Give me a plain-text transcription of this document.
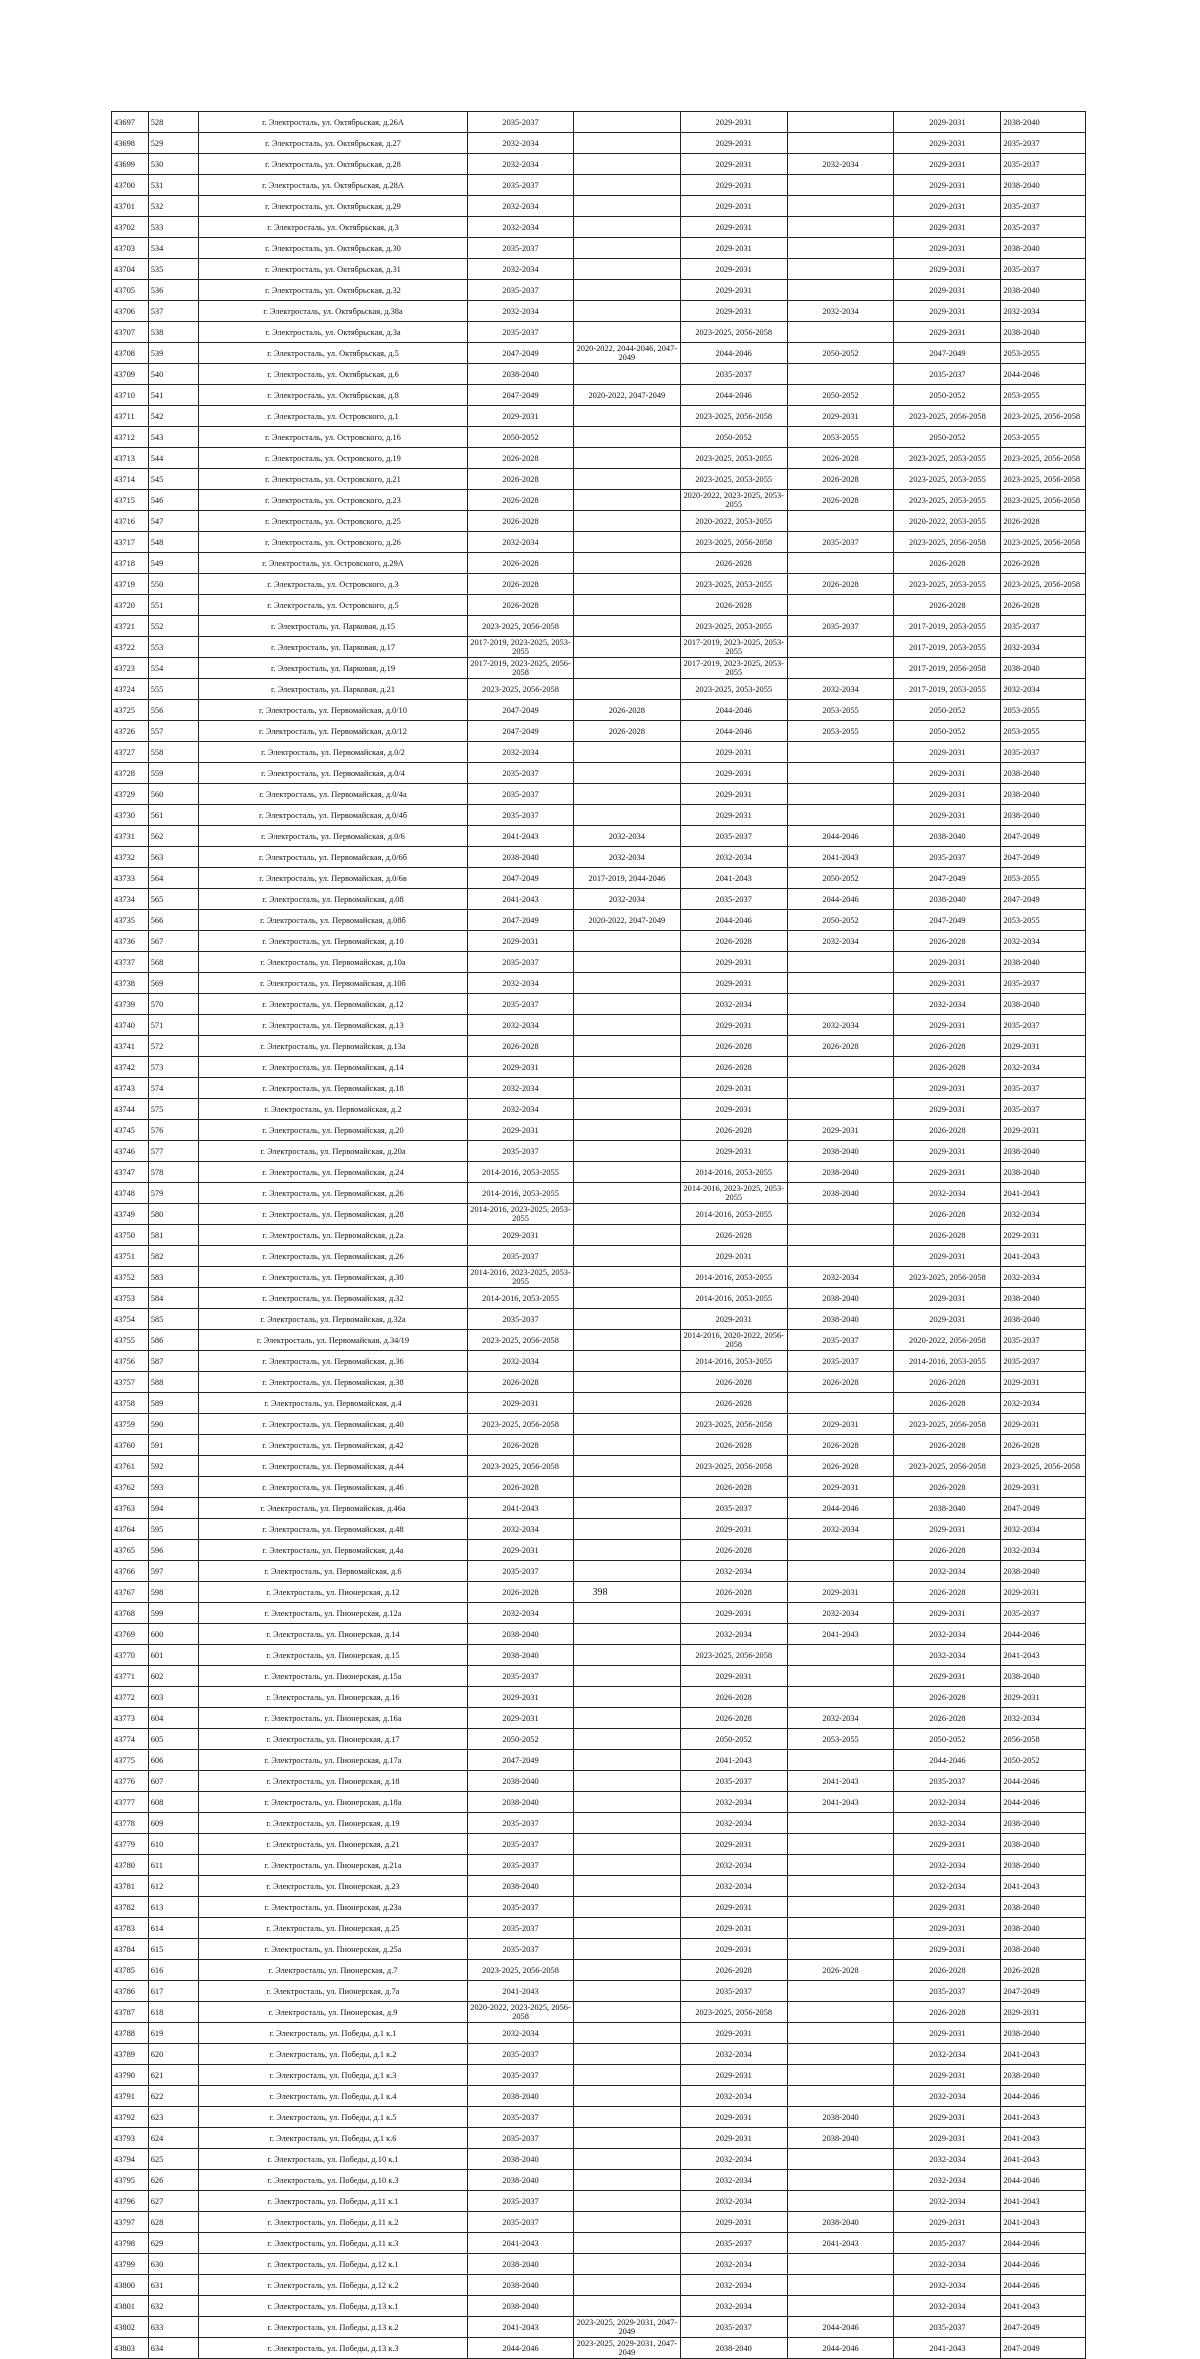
43697	528	г. Электросталь, ул. Октябрьская, д.26А	2035-2037		2029-2031		2029-2031	2038-2040
43698	529	г. Электросталь, ул. Октябрьская, д.27	2032-2034		2029-2031		2029-2031	2035-2037
43699	530	г. Электросталь, ул. Октябрьская, д.28	2032-2034		2029-2031	2032-2034	2029-2031	2035-2037
43700	531	г. Электросталь, ул. Октябрьская, д.28А	2035-2037		2029-2031		2029-2031	2038-2040
43701	532	г. Электросталь, ул. Октябрьская, д.29	2032-2034		2029-2031		2029-2031	2035-2037
43702	533	г. Электросталь, ул. Октябрьская, д.3	2032-2034		2029-2031		2029-2031	2035-2037
43703	534	г. Электросталь, ул. Октябрьская, д.30	2035-2037		2029-2031		2029-2031	2038-2040
43704	535	г. Электросталь, ул. Октябрьская, д.31	2032-2034		2029-2031		2029-2031	2035-2037
43705	536	г. Электросталь, ул. Октябрьская, д.32	2035-2037		2029-2031		2029-2031	2038-2040
43706	537	г. Электросталь, ул. Октябрьская, д.38а	2032-2034		2029-2031	2032-2034	2029-2031	2032-2034
43707	538	г. Электросталь, ул. Октябрьская, д.3а	2035-2037		2023-2025, 2056-2058		2029-2031	2038-2040
43708	539	г. Электросталь, ул. Октябрьская, д.5	2047-2049	2020-2022, 2044-2046, 2047-2049	2044-2046	2050-2052	2047-2049	2053-2055
43709	540	г. Электросталь, ул. Октябрьская, д.6	2038-2040		2035-2037		2035-2037	2044-2046
43710	541	г. Электросталь, ул. Октябрьская, д.8	2047-2049	2020-2022, 2047-2049	2044-2046	2050-2052	2050-2052	2053-2055
43711	542	г. Электросталь, ул. Островского, д.1	2029-2031		2023-2025, 2056-2058	2029-2031	2023-2025, 2056-2058	2023-2025, 2056-2058
43712	543	г. Электросталь, ул. Островского, д.16	2050-2052		2050-2052	2053-2055	2050-2052	2053-2055
43713	544	г. Электросталь, ул. Островского, д.19	2026-2028		2023-2025, 2053-2055	2026-2028	2023-2025, 2053-2055	2023-2025, 2056-2058
43714	545	г. Электросталь, ул. Островского, д.21	2026-2028		2023-2025, 2053-2055	2026-2028	2023-2025, 2053-2055	2023-2025, 2056-2058
43715	546	г. Электросталь, ул. Островского, д.23	2026-2028		2020-2022, 2023-2025, 2053-2055	2026-2028	2023-2025, 2053-2055	2023-2025, 2056-2058
43716	547	г. Электросталь, ул. Островского, д.25	2026-2028		2020-2022, 2053-2055		2020-2022, 2053-2055	2026-2028
43717	548	г. Электросталь, ул. Островского, д.26	2032-2034		2023-2025, 2056-2058	2035-2037	2023-2025, 2056-2058	2023-2025, 2056-2058
43718	549	г. Электросталь, ул. Островского, д.29А	2026-2028		2026-2028		2026-2028	2026-2028
43719	550	г. Электросталь, ул. Островского, д.3	2026-2028		2023-2025, 2053-2055	2026-2028	2023-2025, 2053-2055	2023-2025, 2056-2058
43720	551	г. Электросталь, ул. Островского, д.5	2026-2028		2026-2028		2026-2028	2026-2028
43721	552	г. Электросталь, ул. Парковая, д.15	2023-2025, 2056-2058		2023-2025, 2053-2055	2035-2037	2017-2019, 2053-2055	2035-2037
43722	553	г. Электросталь, ул. Парковая, д.17	2017-2019, 2023-2025, 2053-2055		2017-2019, 2023-2025, 2053-2055		2017-2019, 2053-2055	2032-2034
43723	554	г. Электросталь, ул. Парковая, д.19	2017-2019, 2023-2025, 2056-2058		2017-2019, 2023-2025, 2053-2055		2017-2019, 2056-2058	2038-2040
43724	555	г. Электросталь, ул. Парковая, д.21	2023-2025, 2056-2058		2023-2025, 2053-2055	2032-2034	2017-2019, 2053-2055	2032-2034
43725	556	г. Электросталь, ул. Первомайская, д.0/10	2047-2049	2026-2028	2044-2046	2053-2055	2050-2052	2053-2055
43726	557	г. Электросталь, ул. Первомайская, д.0/12	2047-2049	2026-2028	2044-2046	2053-2055	2050-2052	2053-2055
43727	558	г. Электросталь, ул. Первомайская, д.0/2	2032-2034		2029-2031		2029-2031	2035-2037
43728	559	г. Электросталь, ул. Первомайская, д.0/4	2035-2037		2029-2031		2029-2031	2038-2040
43729	560	г. Электросталь, ул. Первомайская, д.0/4а	2035-2037		2029-2031		2029-2031	2038-2040
43730	561	г. Электросталь, ул. Первомайская, д.0/4б	2035-2037		2029-2031		2029-2031	2038-2040
43731	562	г. Электросталь, ул. Первомайская, д.0/6	2041-2043	2032-2034	2035-2037	2044-2046	2038-2040	2047-2049
43732	563	г. Электросталь, ул. Первомайская, д.0/6б	2038-2040	2032-2034	2032-2034	2041-2043	2035-2037	2047-2049
43733	564	г. Электросталь, ул. Первомайская, д.0/6в	2047-2049	2017-2019, 2044-2046	2041-2043	2050-2052	2047-2049	2053-2055
43734	565	г. Электросталь, ул. Первомайская, д.08	2041-2043	2032-2034	2035-2037	2044-2046	2038-2040	2047-2049
43735	566	г. Электросталь, ул. Первомайская, д.08б	2047-2049	2020-2022, 2047-2049	2044-2046	2050-2052	2047-2049	2053-2055
43736	567	г. Электросталь, ул. Первомайская, д.10	2029-2031		2026-2028	2032-2034	2026-2028	2032-2034
43737	568	г. Электросталь, ул. Первомайская, д.10а	2035-2037		2029-2031		2029-2031	2038-2040
43738	569	г. Электросталь, ул. Первомайская, д.10б	2032-2034		2029-2031		2029-2031	2035-2037
43739	570	г. Электросталь, ул. Первомайская, д.12	2035-2037		2032-2034		2032-2034	2038-2040
43740	571	г. Электросталь, ул. Первомайская, д.13	2032-2034		2029-2031	2032-2034	2029-2031	2035-2037
43741	572	г. Электросталь, ул. Первомайская, д.13а	2026-2028		2026-2028	2026-2028	2026-2028	2029-2031
43742	573	г. Электросталь, ул. Первомайская, д.14	2029-2031		2026-2028		2026-2028	2032-2034
43743	574	г. Электросталь, ул. Первомайская, д.18	2032-2034		2029-2031		2029-2031	2035-2037
43744	575	г. Электросталь, ул. Первомайская, д.2	2032-2034		2029-2031		2029-2031	2035-2037
43745	576	г. Электросталь, ул. Первомайская, д.20	2029-2031		2026-2028	2029-2031	2026-2028	2029-2031
43746	577	г. Электросталь, ул. Первомайская, д.20а	2035-2037		2029-2031	2038-2040	2029-2031	2038-2040
43747	578	г. Электросталь, ул. Первомайская, д.24	2014-2016, 2053-2055		2014-2016, 2053-2055	2038-2040	2029-2031	2038-2040
43748	579	г. Электросталь, ул. Первомайская, д.26	2014-2016, 2053-2055		2014-2016, 2023-2025, 2053-2055	2038-2040	2032-2034	2041-2043
43749	580	г. Электросталь, ул. Первомайская, д.28	2014-2016, 2023-2025, 2053-2055		2014-2016, 2053-2055		2026-2028	2032-2034
43750	581	г. Электросталь, ул. Первомайская, д.2а	2029-2031		2026-2028		2026-2028	2029-2031
43751	582	г. Электросталь, ул. Первомайская, д.26	2035-2037		2029-2031		2029-2031	2041-2043
43752	583	г. Электросталь, ул. Первомайская, д.30	2014-2016, 2023-2025, 2053-2055		2014-2016, 2053-2055	2032-2034	2023-2025, 2056-2058	2032-2034
43753	584	г. Электросталь, ул. Первомайская, д.32	2014-2016, 2053-2055		2014-2016, 2053-2055	2038-2040	2029-2031	2038-2040
43754	585	г. Электросталь, ул. Первомайская, д.32а	2035-2037		2029-2031	2038-2040	2029-2031	2038-2040
43755	586	г. Электросталь, ул. Первомайская, д.34/19	2023-2025, 2056-2058		2014-2016, 2020-2022, 2056-2058	2035-2037	2020-2022, 2056-2058	2035-2037
43756	587	г. Электросталь, ул. Первомайская, д.36	2032-2034		2014-2016, 2053-2055	2035-2037	2014-2016, 2053-2055	2035-2037
43757	588	г. Электросталь, ул. Первомайская, д.38	2026-2028		2026-2028	2026-2028	2026-2028	2029-2031
43758	589	г. Электросталь, ул. Первомайская, д.4	2029-2031		2026-2028		2026-2028	2032-2034
43759	590	г. Электросталь, ул. Первомайская, д.40	2023-2025, 2056-2058		2023-2025, 2056-2058	2029-2031	2023-2025, 2056-2058	2029-2031
43760	591	г. Электросталь, ул. Первомайская, д.42	2026-2028		2026-2028	2026-2028	2026-2028	2026-2028
43761	592	г. Электросталь, ул. Первомайская, д.44	2023-2025, 2056-2058		2023-2025, 2056-2058	2026-2028	2023-2025, 2056-2058	2023-2025, 2056-2058
43762	593	г. Электросталь, ул. Первомайская, д.46	2026-2028		2026-2028	2029-2031	2026-2028	2029-2031
43763	594	г. Электросталь, ул. Первомайская, д.46а	2041-2043		2035-2037	2044-2046	2038-2040	2047-2049
43764	595	г. Электросталь, ул. Первомайская, д.48	2032-2034		2029-2031	2032-2034	2029-2031	2032-2034
43765	596	г. Электросталь, ул. Первомайская, д.4а	2029-2031		2026-2028		2026-2028	2032-2034
43766	597	г. Электросталь, ул. Первомайская, д.6	2035-2037		2032-2034		2032-2034	2038-2040
43767	598	г. Электросталь, ул. Пионерская, д.12	2026-2028		2026-2028	2029-2031	2026-2028	2029-2031
43768	599	г. Электросталь, ул. Пионерская, д.12а	2032-2034		2029-2031	2032-2034	2029-2031	2035-2037
43769	600	г. Электросталь, ул. Пионерская, д.14	2038-2040		2032-2034	2041-2043	2032-2034	2044-2046
43770	601	г. Электросталь, ул. Пионерская, д.15	2038-2040		2023-2025, 2056-2058		2032-2034	2041-2043
43771	602	г. Электросталь, ул. Пионерская, д.15а	2035-2037		2029-2031		2029-2031	2038-2040
43772	603	г. Электросталь, ул. Пионерская, д.16	2029-2031		2026-2028		2026-2028	2029-2031
43773	604	г. Электросталь, ул. Пионерская, д.16а	2029-2031		2026-2028	2032-2034	2026-2028	2032-2034
43774	605	г. Электросталь, ул. Пионерская, д.17	2050-2052		2050-2052	2053-2055	2050-2052	2056-2058
43775	606	г. Электросталь, ул. Пионерская, д.17а	2047-2049		2041-2043		2044-2046	2050-2052
43776	607	г. Электросталь, ул. Пионерская, д.18	2038-2040		2035-2037	2041-2043	2035-2037	2044-2046
43777	608	г. Электросталь, ул. Пионерская, д.18а	2038-2040		2032-2034	2041-2043	2032-2034	2044-2046
43778	609	г. Электросталь, ул. Пионерская, д.19	2035-2037		2032-2034		2032-2034	2038-2040
43779	610	г. Электросталь, ул. Пионерская, д.21	2035-2037		2029-2031		2029-2031	2038-2040
43780	611	г. Электросталь, ул. Пионерская, д.21а	2035-2037		2032-2034		2032-2034	2038-2040
43781	612	г. Электросталь, ул. Пионерская, д.23	2038-2040		2032-2034		2032-2034	2041-2043
43782	613	г. Электросталь, ул. Пионерская, д.23а	2035-2037		2029-2031		2029-2031	2038-2040
43783	614	г. Электросталь, ул. Пионерская, д.25	2035-2037		2029-2031		2029-2031	2038-2040
43784	615	г. Электросталь, ул. Пионерская, д.25а	2035-2037		2029-2031		2029-2031	2038-2040
43785	616	г. Электросталь, ул. Пионерская, д.7	2023-2025, 2056-2058		2026-2028	2026-2028	2026-2028	2026-2028
43786	617	г. Электросталь, ул. Пионерская, д.7а	2041-2043		2035-2037		2035-2037	2047-2049
43787	618	г. Электросталь, ул. Пионерская, д.9	2020-2022, 2023-2025, 2056-2058		2023-2025, 2056-2058		2026-2028	2029-2031
43788	619	г. Электросталь, ул. Победы, д.1 к.1	2032-2034		2029-2031		2029-2031	2038-2040
43789	620	г. Электросталь, ул. Победы, д.1 к.2	2035-2037		2032-2034		2032-2034	2041-2043
43790	621	г. Электросталь, ул. Победы, д.1 к.3	2035-2037		2029-2031		2029-2031	2038-2040
43791	622	г. Электросталь, ул. Победы, д.1 к.4	2038-2040		2032-2034		2032-2034	2044-2046
43792	623	г. Электросталь, ул. Победы, д.1 к.5	2035-2037		2029-2031	2038-2040	2029-2031	2041-2043
43793	624	г. Электросталь, ул. Победы, д.1 к.6	2035-2037		2029-2031	2038-2040	2029-2031	2041-2043
43794	625	г. Электросталь, ул. Победы, д.10 к.1	2038-2040		2032-2034		2032-2034	2041-2043
43795	626	г. Электросталь, ул. Победы, д.10 к.3	2038-2040		2032-2034		2032-2034	2044-2046
43796	627	г. Электросталь, ул. Победы, д.11 к.1	2035-2037		2032-2034		2032-2034	2041-2043
43797	628	г. Электросталь, ул. Победы, д.11 к.2	2035-2037		2029-2031	2038-2040	2029-2031	2041-2043
43798	629	г. Электросталь, ул. Победы, д.11 к.3	2041-2043		2035-2037	2041-2043	2035-2037	2044-2046
43799	630	г. Электросталь, ул. Победы, д.12 к.1	2038-2040		2032-2034		2032-2034	2044-2046
43800	631	г. Электросталь, ул. Победы, д.12 к.2	2038-2040		2032-2034		2032-2034	2044-2046
43801	632	г. Электросталь, ул. Победы, д.13 к.1	2038-2040		2032-2034		2032-2034	2041-2043
43802	633	г. Электросталь, ул. Победы, д.13 к.2	2041-2043	2023-2025, 2029-2031, 2047-2049	2035-2037	2044-2046	2035-2037	2047-2049
43803	634	г. Электросталь, ул. Победы, д.13 к.3	2044-2046	2023-2025, 2029-2031, 2047-2049	2038-2040	2044-2046	2041-2043	2047-2049
398
